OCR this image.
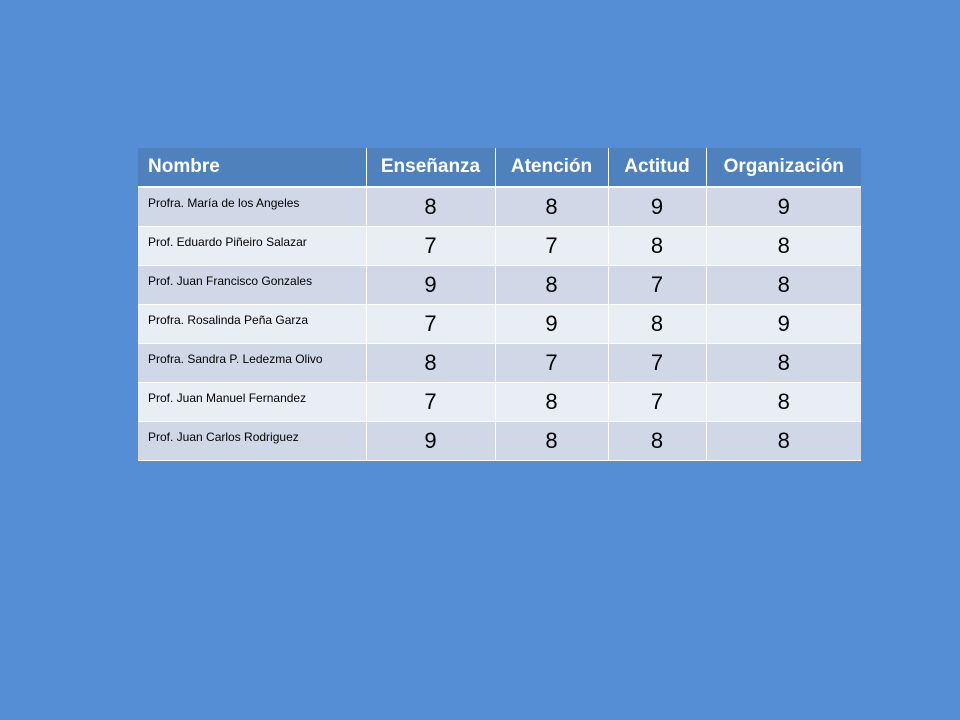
Nombre	Enseñanza	Atención	Actitud	Organización
Profra. María de los Angeles	8	8	9	9
Prof. Eduardo Piñeiro Salazar	7	7	8	8
Prof. Juan Francisco Gonzales	9	8	7	8
Profra. Rosalinda Peña Garza	7	9	8	9
Profra. Sandra P. Ledezma Olivo	8	7	7	8
Prof. Juan Manuel Fernandez	7	8	7	8
Prof. Juan Carlos Rodriguez	9	8	8	8
